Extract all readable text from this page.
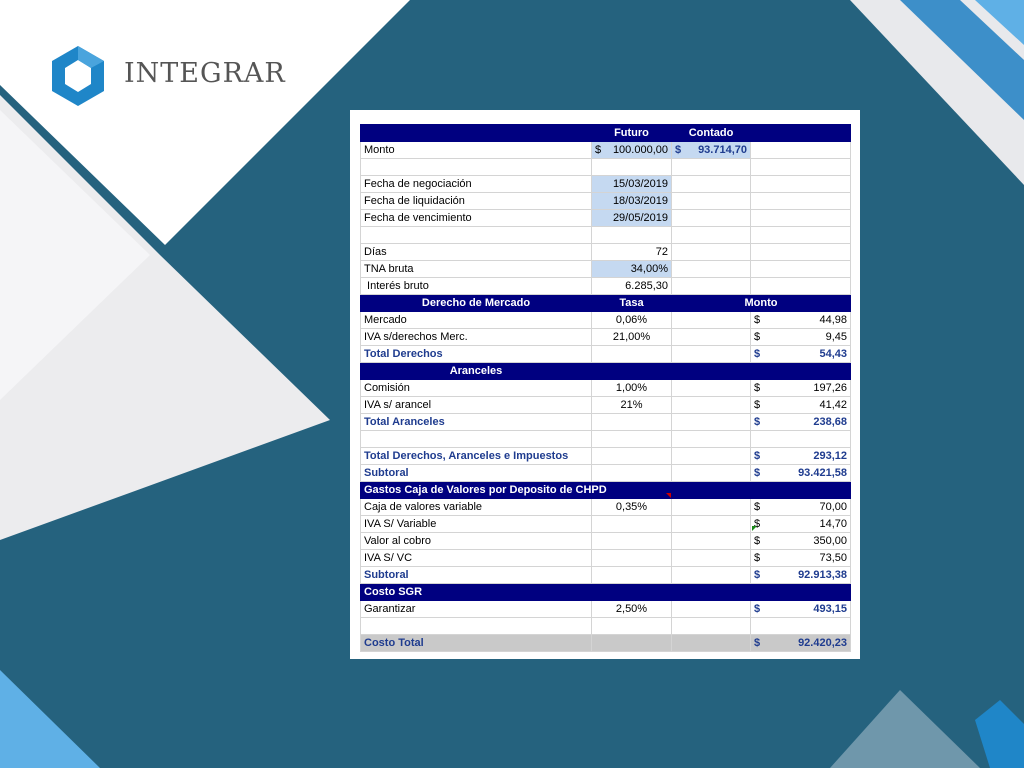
INTEGRAR
	Futuro	Contado	
Monto	$ 100.000,00	$ 93.714,70	

Fecha de negociación	15/03/2019		
Fecha de liquidación	18/03/2019		
Fecha de vencimiento	29/05/2019		

Días	72		
TNA bruta	34,00%		
Interés bruto	6.285,30		
Derecho de Mercado	Tasa	Monto	
Mercado	0,06%		$ 44,98

IVA s/derechos Merc.	21,00%		$ 9,45

Total Derechos			$ 54,43

Aranceles			
Comisión	1,00%		$ 197,26

IVA s/ arancel	21%		$ 41,42

Total Aranceles			$ 238,68

Total Derechos, Aranceles e Impuestos			$ 293,12

Subtoral			$ 93.421,58

Gastos Caja de Valores por Deposito de CHPD			
Caja de valores variable	0,35%		$ 70,00

IVA S/ Variable			$ 14,70

Valor al cobro			$ 350,00

IVA S/ VC			$ 73,50

Subtoral			$ 92.913,38

Costo SGR			
Garantizar	2,50%		$ 493,15

Costo Total			$ 92.420,23
